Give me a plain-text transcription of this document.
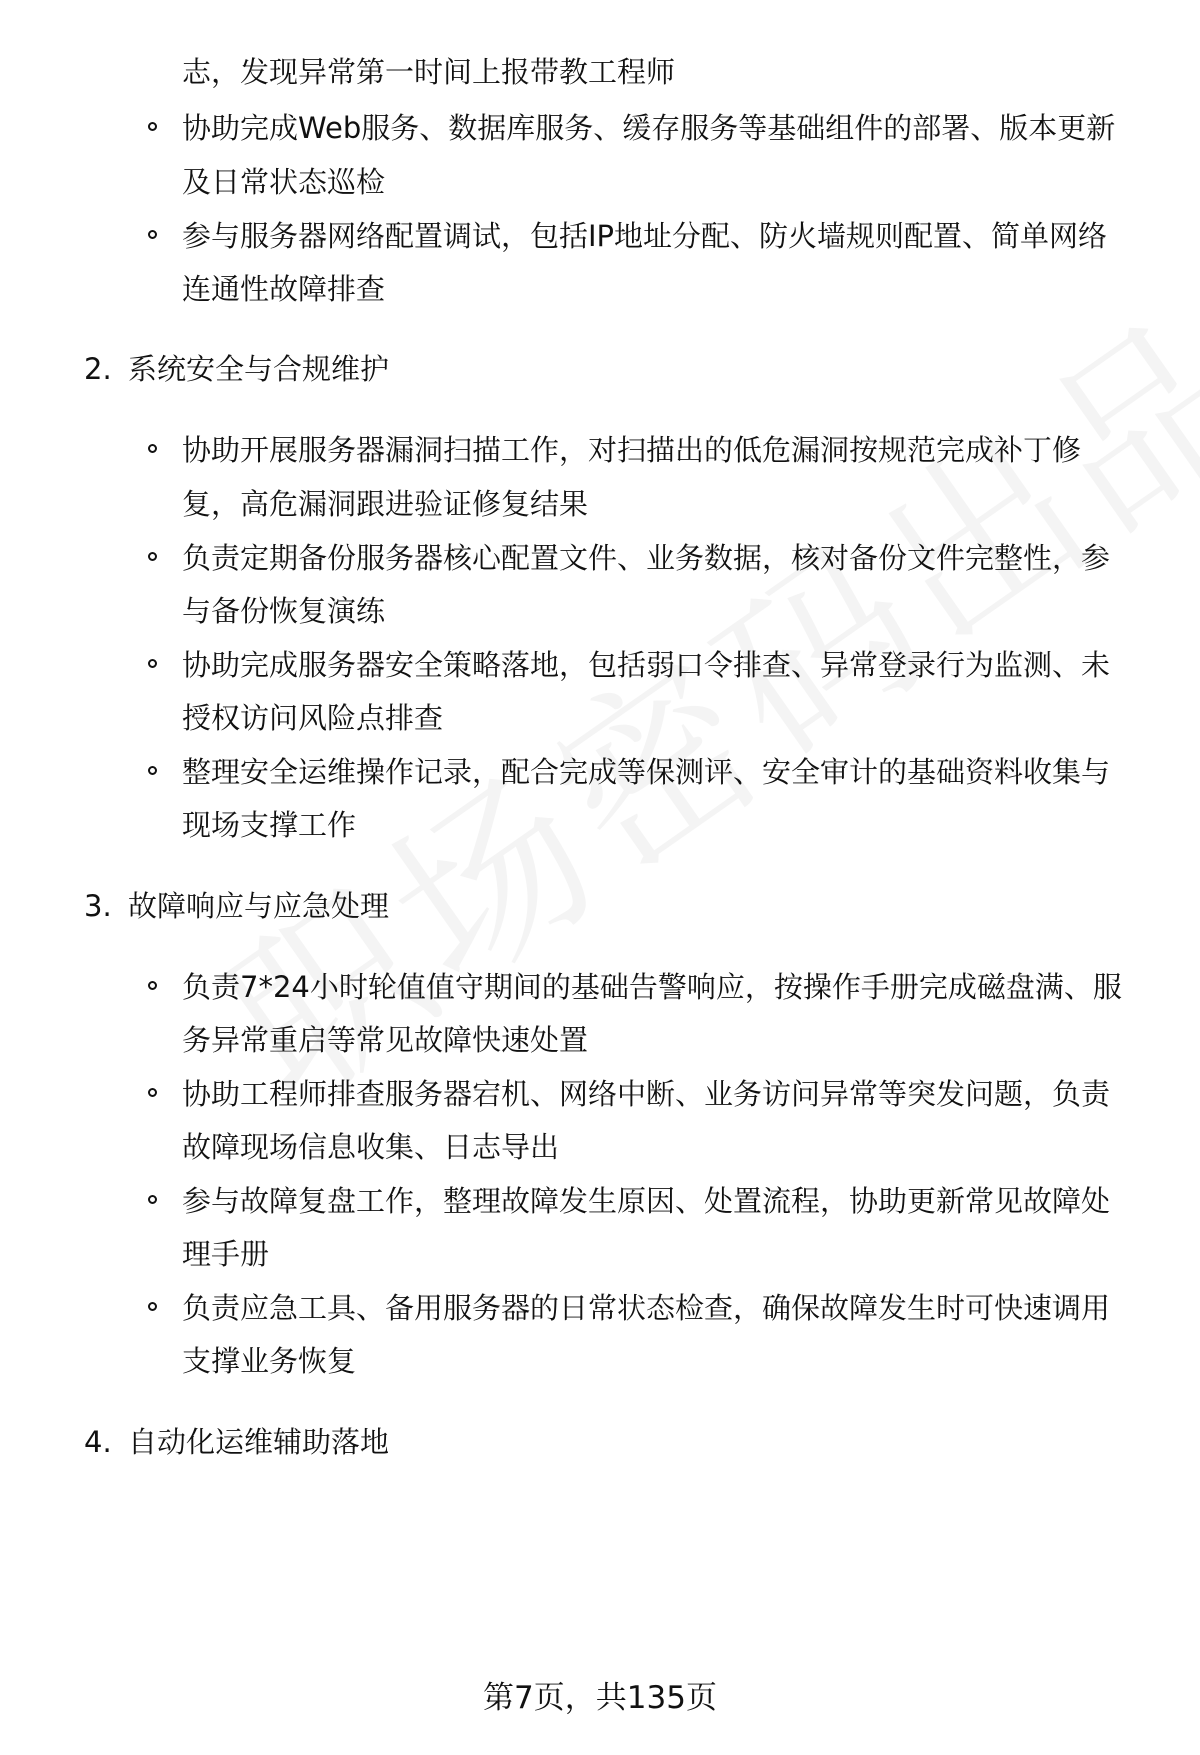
志，发现异常第一时间上报带教工程师
协助完成Web服务、数据库服务、缓存服务等基础组件的部署、版本更新
及日常状态巡检
参与服务器网络配置调试，包括IP地址分配、防火墙规则配置、简单网络
连通性故障排查
2. 系统安全与合规维护
协助开展服务器漏洞扫描工作，对扫描出的低危漏洞按规范完成补丁修
复，高危漏洞跟进验证修复结果
负责定期备份服务器核心配置文件、业务数据，核对备份文件完整性，参
与备份恢复演练
协助完成服务器安全策略落地，包括弱口令排查、异常登录行为监测、未
授权访问风险点排查
整理安全运维操作记录，配合完成等保测评、安全审计的基础资料收集与
现场支撑工作
3. 故障响应与应急处理
负责7*24小时轮值值守期间的基础告警响应，按操作手册完成磁盘满、服
务异常重启等常见故障快速处置
协助工程师排查服务器宕机、网络中断、业务访问异常等突发问题，负责
故障现场信息收集、日志导出
参与故障复盘工作，整理故障发生原因、处置流程，协助更新常见故障处
理手册
负责应急工具、备用服务器的日常状态检查，确保故障发生时可快速调用
支撑业务恢复
4. 自动化运维辅助落地
第7页，共135页
